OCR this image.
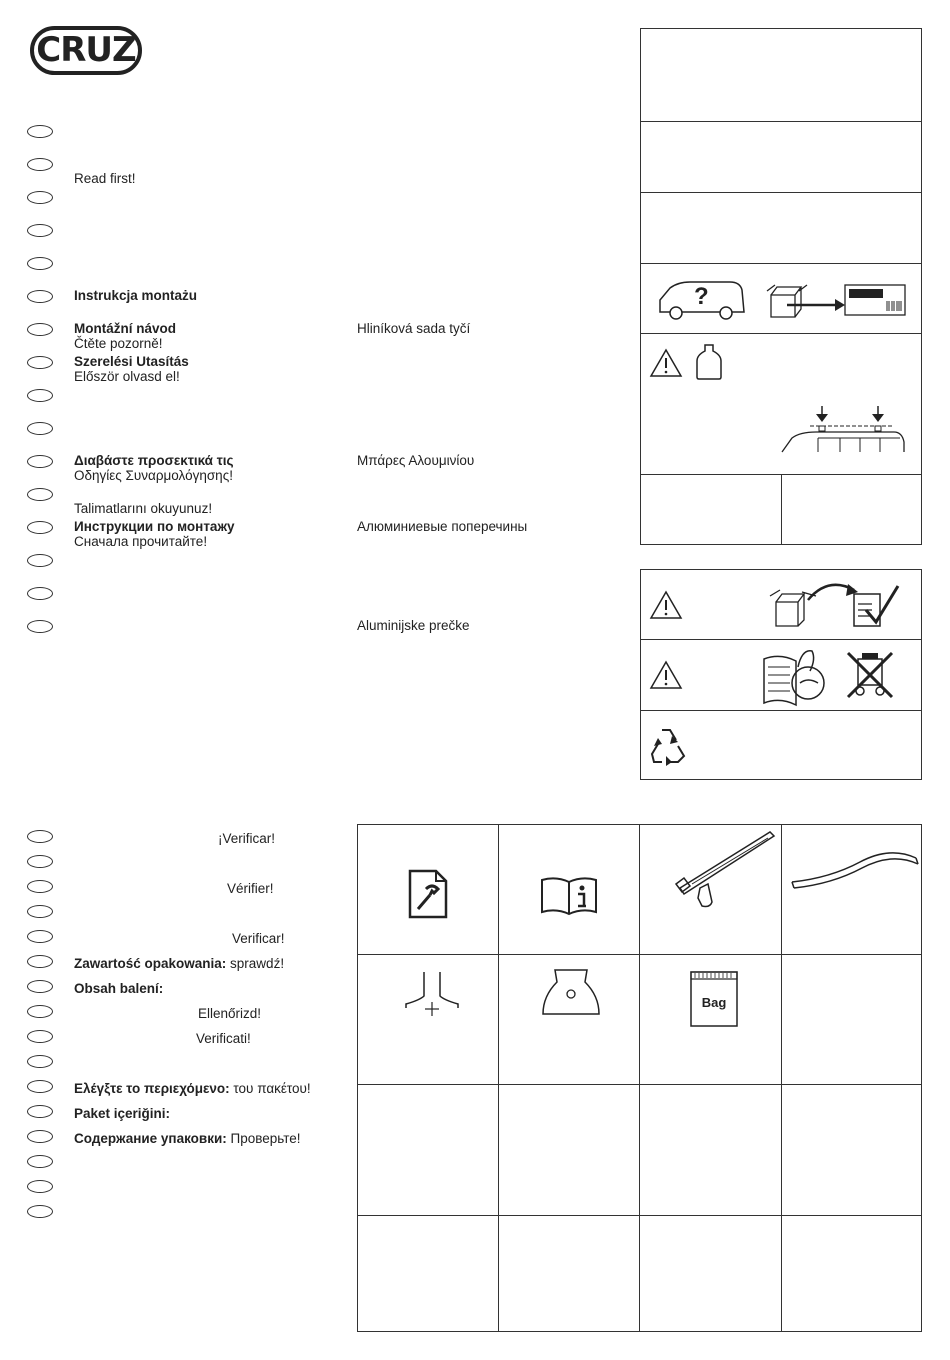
CRUZ
Read first!
Instrukcja montażu
Montážní návod
Čtěte pozorně!
Hliníková sada tyčí
Szerelési Utasítás
Először olvasd el!
Διαβάστε προσεκτικά τις
Οδηγίες Συναρμολόγησης!
Μπάρες Αλουμινίου
Talimatlarını okuyunuz!
Инструкции по монтажу
Сначала прочитайте!
Алюминиевые поперечины
Aluminijske prečke
?
¡Verificar!
Vérifier!
Verificar!
Zawartość opakowania: sprawdź!
Obsah balení:
Ellenőrizd!
Verificati!
Ελέγξτε το περιεχόμενο: του πακέτου!
Paket içeriğini:
Содержание упаковки: Проверьте!
Bag
